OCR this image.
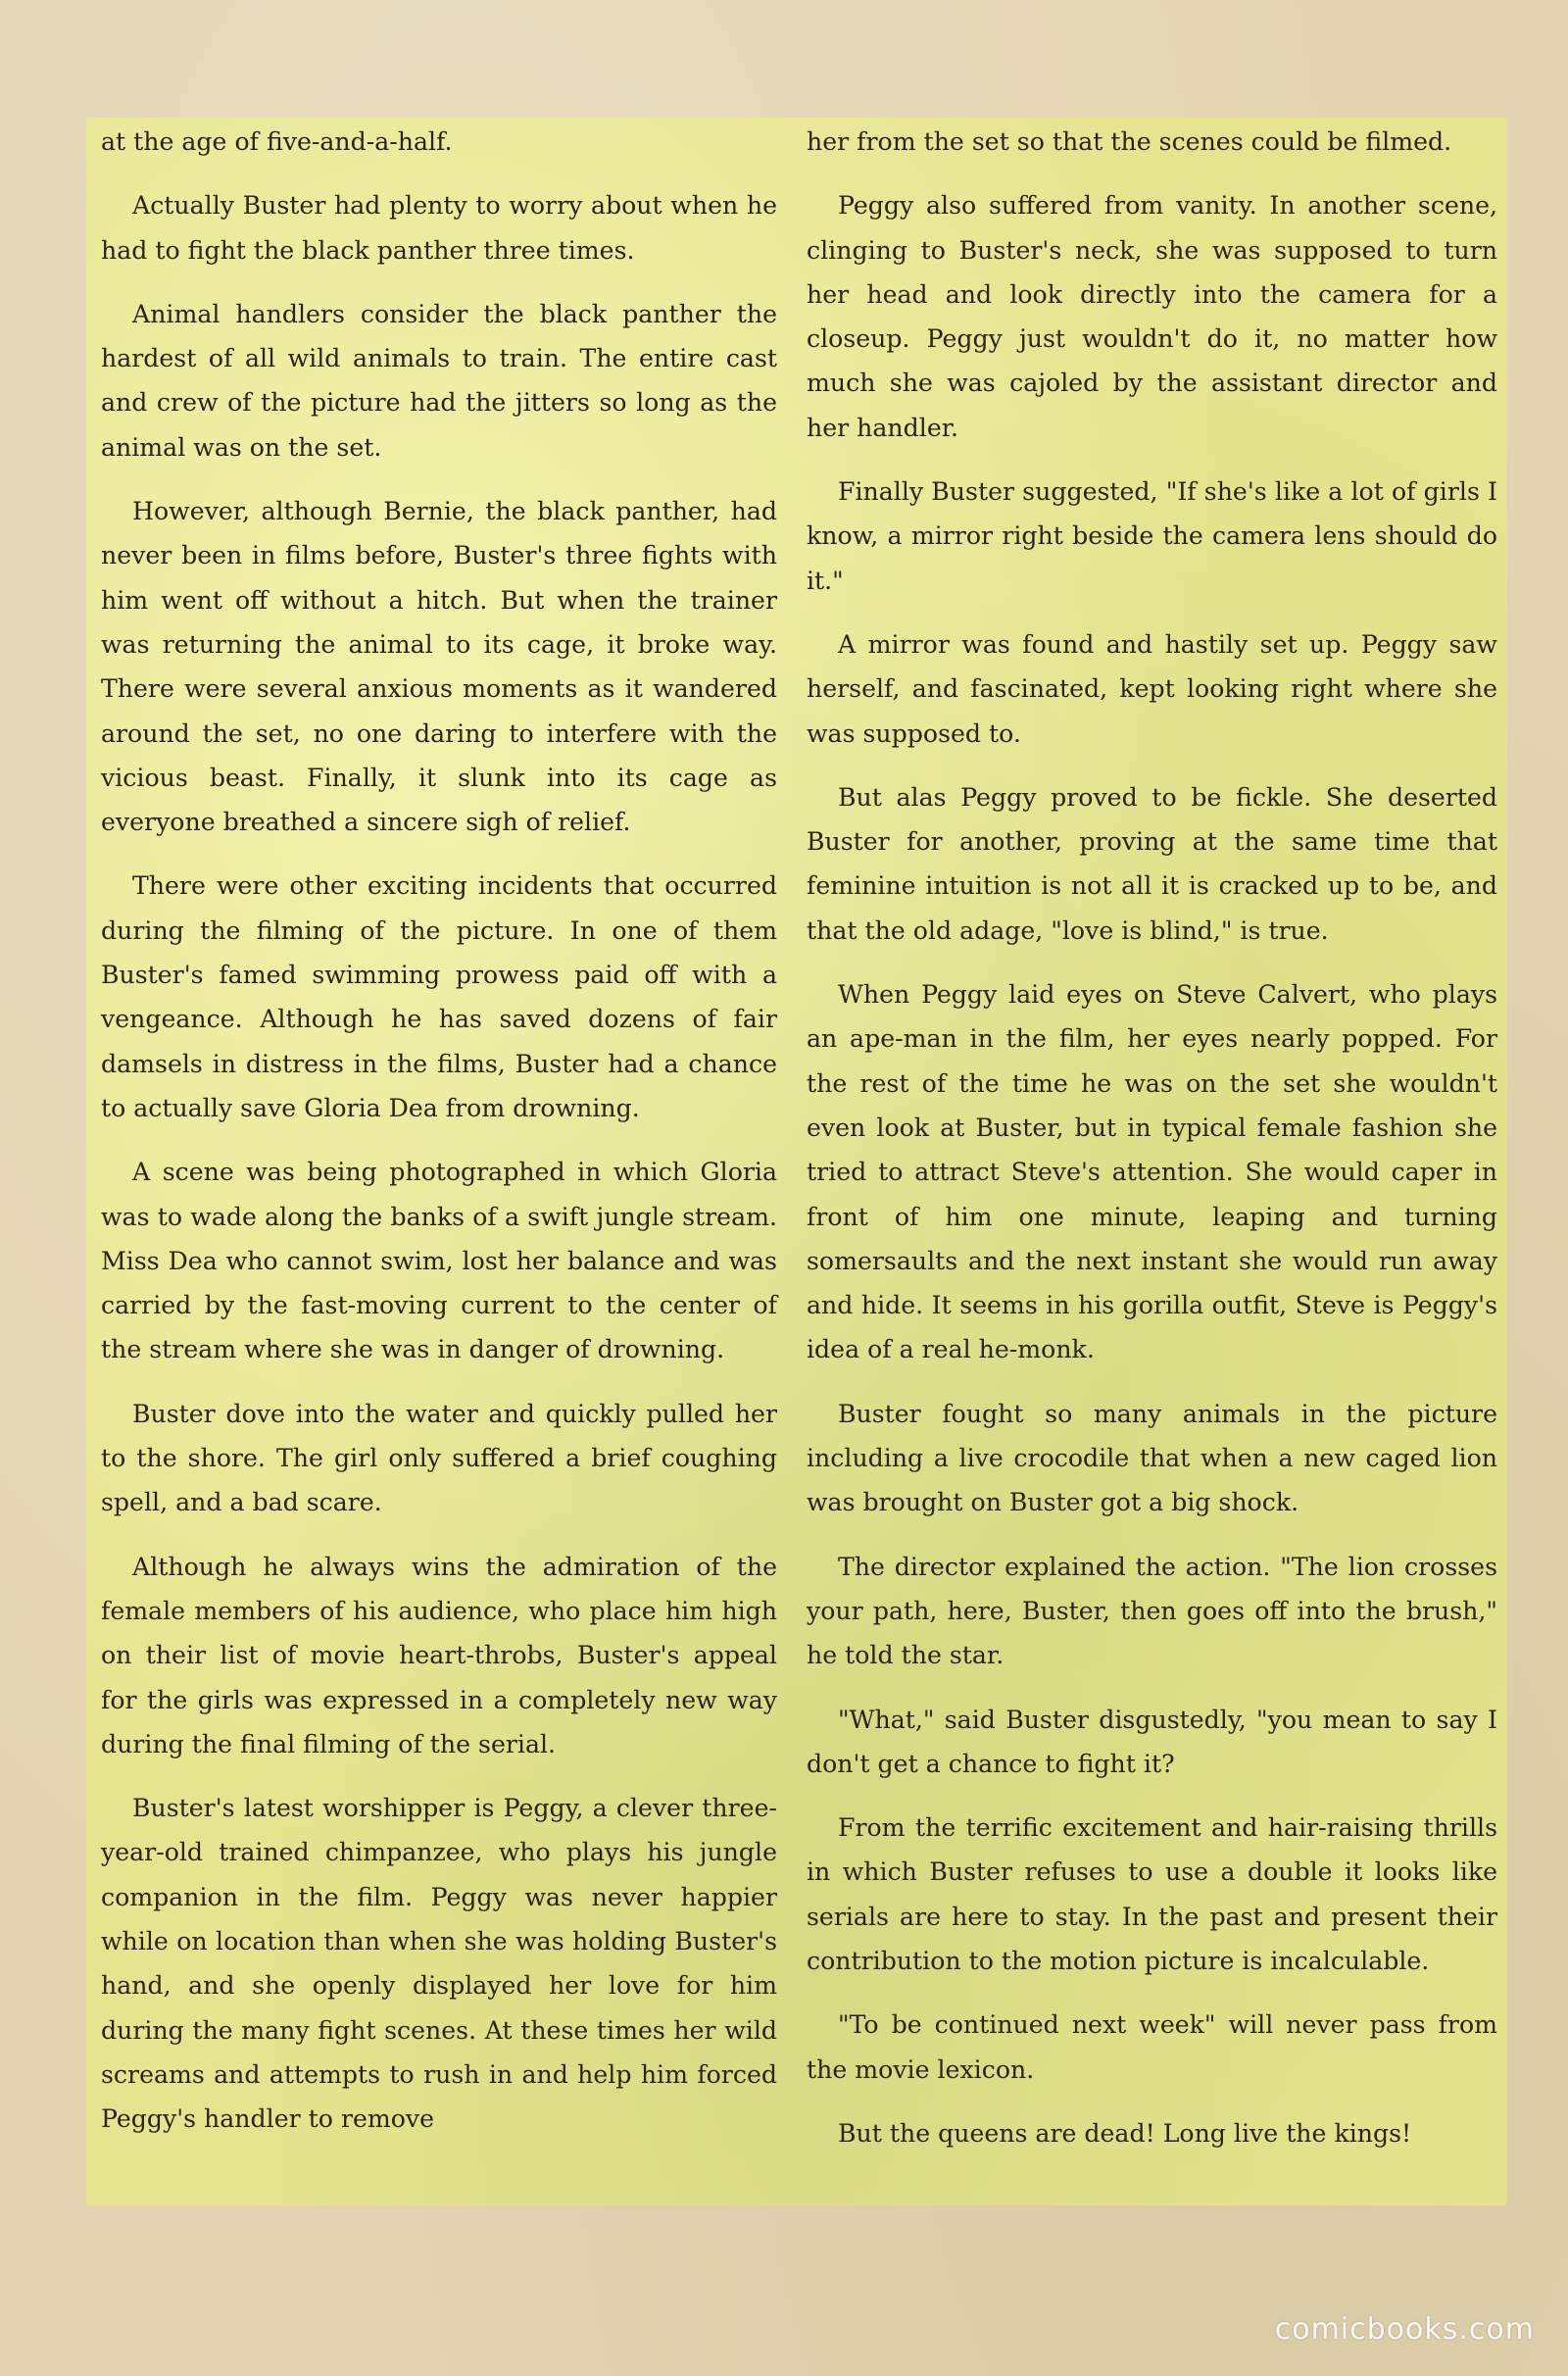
at the age of five-and-a-half.

Actually Buster had plenty to worry about when he had to fight the black panther three times.

Animal handlers consider the black panther the hardest of all wild animals to train. The entire cast and crew of the picture had the jitters so long as the animal was on the set.

However, although Bernie, the black panther, had never been in films before, Buster's three fights with him went off without a hitch. But when the trainer was returning the animal to its cage, it broke way. There were several anxious moments as it wandered around the set, no one daring to interfere with the vicious beast. Finally, it slunk into its cage as everyone breathed a sincere sigh of relief.

There were other exciting incidents that occurred during the filming of the picture. In one of them Buster's famed swimming prowess paid off with a vengeance. Although he has saved dozens of fair damsels in distress in the films, Buster had a chance to actually save Gloria Dea from drowning.

A scene was being photographed in which Gloria was to wade along the banks of a swift jungle stream. Miss Dea who cannot swim, lost her balance and was carried by the fast-moving current to the center of the stream where she was in danger of drowning.

Buster dove into the water and quickly pulled her to the shore. The girl only suffered a brief coughing spell, and a bad scare.

Although he always wins the admiration of the female members of his audience, who place him high on their list of movie heart-throbs, Buster's appeal for the girls was expressed in a completely new way during the final filming of the serial.

Buster's latest worshipper is Peggy, a clever three-year-old trained chimpanzee, who plays his jungle companion in the film. Peggy was never happier while on location than when she was holding Buster's hand, and she openly displayed her love for him during the many fight scenes. At these times her wild screams and attempts to rush in and help him forced Peggy's handler to remove

her from the set so that the scenes could be filmed.

Peggy also suffered from vanity. In another scene, clinging to Buster's neck, she was supposed to turn her head and look directly into the camera for a closeup. Peggy just wouldn't do it, no matter how much she was cajoled by the assistant director and her handler.

Finally Buster suggested, "If she's like a lot of girls I know, a mirror right beside the camera lens should do it."

A mirror was found and hastily set up. Peggy saw herself, and fascinated, kept looking right where she was supposed to.

But alas Peggy proved to be fickle. She deserted Buster for another, proving at the same time that feminine intuition is not all it is cracked up to be, and that the old adage, "love is blind," is true.

When Peggy laid eyes on Steve Calvert, who plays an ape-man in the film, her eyes nearly popped. For the rest of the time he was on the set she wouldn't even look at Buster, but in typical female fashion she tried to attract Steve's attention. She would caper in front of him one minute, leaping and turning somersaults and the next instant she would run away and hide. It seems in his gorilla outfit, Steve is Peggy's idea of a real he-monk.

Buster fought so many animals in the picture including a live crocodile that when a new caged lion was brought on Buster got a big shock.

The director explained the action. "The lion crosses your path, here, Buster, then goes off into the brush," he told the star.

"What," said Buster disgustedly, "you mean to say I don't get a chance to fight it?

From the terrific excitement and hair-raising thrills in which Buster refuses to use a double it looks like serials are here to stay. In the past and present their contribution to the motion picture is incalculable.

"To be continued next week" will never pass from the movie lexicon.

But the queens are dead! Long live the kings!

comicbooks.com
